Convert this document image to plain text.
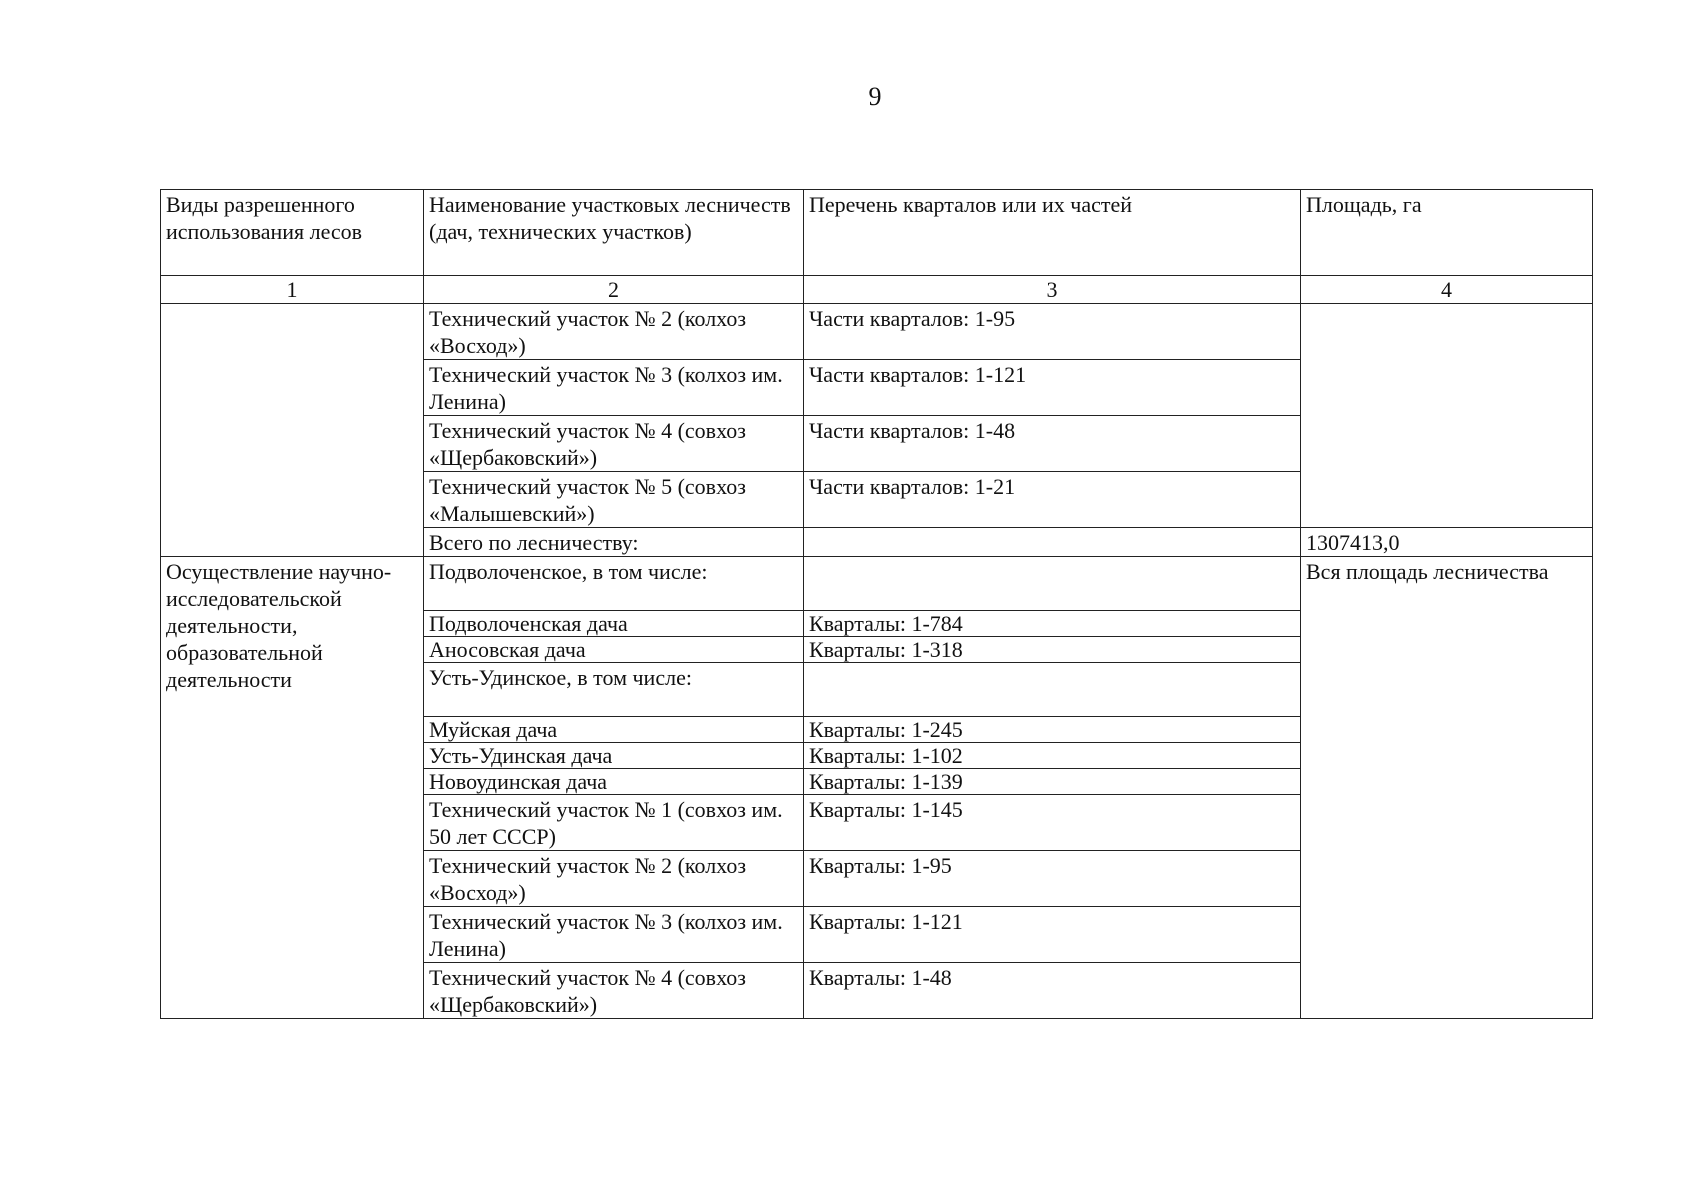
9
Виды разрешенного использования лесов	Наименование участковых лесничеств (дач, технических участков)	Перечень кварталов или их частей	Площадь, га
1	2	3	4
	Технический участок № 2 (колхоз «Восход»)	Части кварталов: 1-95	
	Технический участок № 3 (колхоз им. Ленина)	Части кварталов: 1-121	
	Технический участок № 4 (совхоз «Щербаковский»)	Части кварталов: 1-48	
	Технический участок № 5 (совхоз «Малышевский»)	Части кварталов: 1-21	
	Всего по лесничеству:		1307413,0
Осуществление научно-исследовательской деятельности, образовательной деятельности	Подволоченское, в том числе:		Вся площадь лесничества
	Подволоченская дача	Кварталы: 1-784	
	Аносовская дача	Кварталы: 1-318	
	Усть-Удинское, в том числе:		
	Муйская дача	Кварталы: 1-245	
	Усть-Удинская дача	Кварталы: 1-102	
	Новоудинская дача	Кварталы: 1-139	
	Технический участок № 1 (совхоз им. 50 лет СССР)	Кварталы: 1-145	
	Технический участок № 2 (колхоз «Восход»)	Кварталы: 1-95	
	Технический участок № 3 (колхоз им. Ленина)	Кварталы: 1-121	
	Технический участок № 4 (совхоз «Щербаковский»)	Кварталы: 1-48	
